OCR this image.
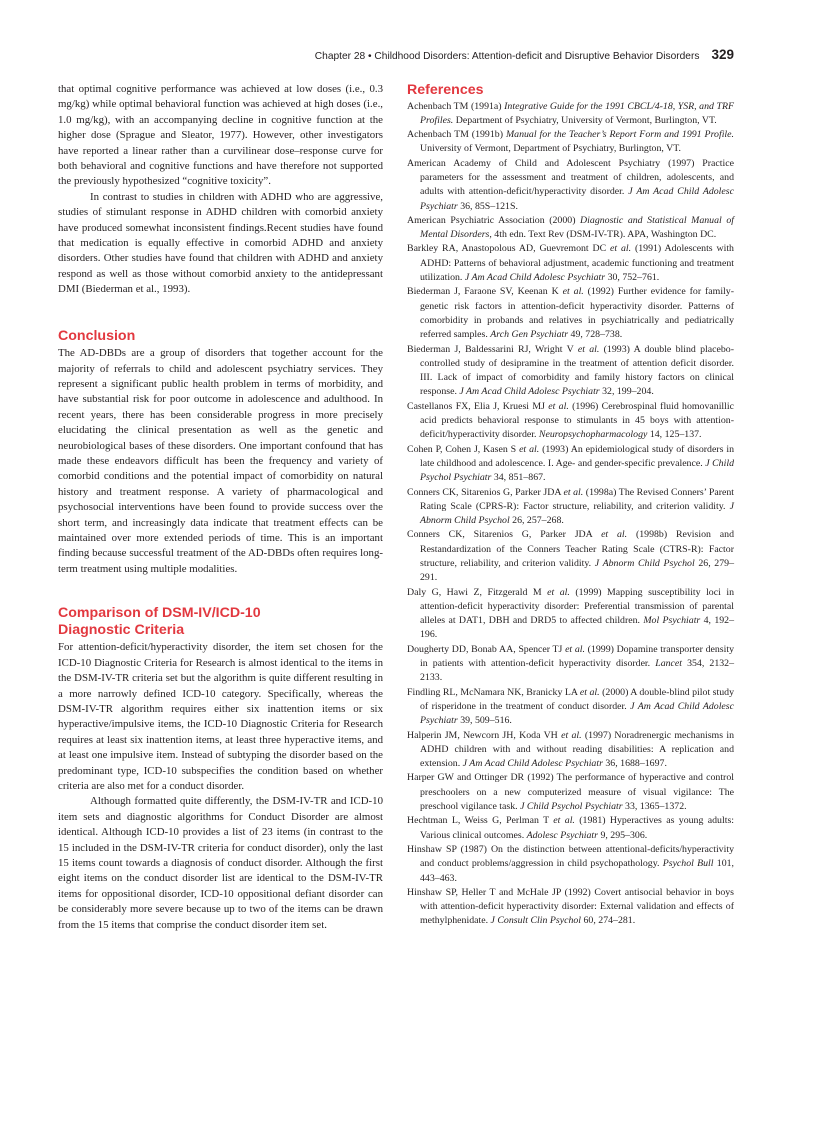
Chapter 28 • Childhood Disorders: Attention-deficit and Disruptive Behavior Disorders 329

that optimal cognitive performance was achieved at low doses (i.e., 0.3 mg/kg) while optimal behavioral function was achieved at high doses (i.e., 1.0 mg/kg), with an accompanying decline in cognitive function at the higher dose (Sprague and Sleator, 1977). However, other investigators have reported a linear rather than a curvilinear dose–response curve for both behavioral and cognitive functions and have therefore not supported the previously hypothesized “cognitive toxicity”.

In contrast to studies in children with ADHD who are aggressive, studies of stimulant response in ADHD children with comorbid anxiety have produced somewhat inconsistent findings.Recent studies have found that medication is equally effective in comorbid ADHD and anxiety disorders. Other studies have found that children with ADHD and anxiety respond as well as those without comorbid anxiety to the antidepressant DMI (Biederman et al., 1993).

Conclusion

The AD-DBDs are a group of disorders that together account for the majority of referrals to child and adolescent psychiatry services. They represent a significant public health problem in terms of morbidity, and have substantial risk for poor outcome in adolescence and adulthood. In recent years, there has been considerable progress in more precisely elucidating the clinical presentation as well as the genetic and neurobiological bases of these disorders. One important confound that has made these endeavors difficult has been the frequency and variety of comorbid conditions and the potential impact of comorbidity on natural history and treatment response. A variety of pharmacological and psychosocial interventions have been found to provide success over the short term, and increasingly data indicate that treatment effects can be maintained over more extended periods of time. This is an important finding because successful treatment of the AD-DBDs often requires long-term treatment using multiple modalities.

Comparison of DSM-IV/ICD-10
Diagnostic Criteria

For attention-deficit/hyperactivity disorder, the item set chosen for the ICD-10 Diagnostic Criteria for Research is almost identical to the items in the DSM-IV-TR criteria set but the algorithm is quite different resulting in a more narrowly defined ICD-10 category. Specifically, whereas the DSM-IV-TR algorithm requires either six inattention items or six hyperactive/impulsive items, the ICD-10 Diagnostic Criteria for Research requires at least six inattention items, at least three hyperactive items, and at least one impulsive item. Instead of subtyping the disorder based on the predominant type, ICD-10 subspecifies the condition based on whether criteria are also met for a conduct disorder.

Although formatted quite differently, the DSM-IV-TR and ICD-10 item sets and diagnostic algorithms for Conduct Disorder are almost identical. Although ICD-10 provides a list of 23 items (in contrast to the 15 included in the DSM-IV-TR criteria for conduct disorder), only the last 15 items count towards a diagnosis of conduct disorder. Although the first eight items on the conduct disorder list are identical to the DSM-IV-TR items for oppositional disorder, ICD-10 oppositional defiant disorder can be considerably more severe because up to two of the items can be drawn from the 15 items that comprise the conduct disorder item set.

References

Achenbach TM (1991a) Integrative Guide for the 1991 CBCL/4-18, YSR, and TRF Profiles. Department of Psychiatry, University of Vermont, Burlington, VT.

Achenbach TM (1991b) Manual for the Teacher’s Report Form and 1991 Profile. University of Vermont, Department of Psychiatry, Burlington, VT.

American Academy of Child and Adolescent Psychiatry (1997) Practice parameters for the assessment and treatment of children, adolescents, and adults with attention-deficit/hyperactivity disorder. J Am Acad Child Adolesc Psychiatr 36, 85S–121S.

American Psychiatric Association (2000) Diagnostic and Statistical Manual of Mental Disorders, 4th edn. Text Rev (DSM-IV-TR). APA, Washington DC.

Barkley RA, Anastopolous AD, Guevremont DC et al. (1991) Adolescents with ADHD: Patterns of behavioral adjustment, academic functioning and treatment utilization. J Am Acad Child Adolesc Psychiatr 30, 752–761.

Biederman J, Faraone SV, Keenan K et al. (1992) Further evidence for family-genetic risk factors in attention-deficit hyperactivity disorder. Patterns of comorbidity in probands and relatives in psychiatrically and pediatrically referred samples. Arch Gen Psychiatr 49, 728–738.

Biederman J, Baldessarini RJ, Wright V et al. (1993) A double blind placebo-controlled study of desipramine in the treatment of attention deficit disorder. III. Lack of impact of comorbidity and family history factors on clinical response. J Am Acad Child Adolesc Psychiatr 32, 199–204.

Castellanos FX, Elia J, Kruesi MJ et al. (1996) Cerebrospinal fluid homovanillic acid predicts behavioral response to stimulants in 45 boys with attention-deficit/hyperactivity disorder. Neuropsychopharmacology 14, 125–137.

Cohen P, Cohen J, Kasen S et al. (1993) An epidemiological study of disorders in late childhood and adolescence. I. Age- and gender-specific prevalence. J Child Psychol Psychiatr 34, 851–867.

Conners CK, Sitarenios G, Parker JDA et al. (1998a) The Revised Conners’ Parent Rating Scale (CPRS-R): Factor structure, reliability, and criterion validity. J Abnorm Child Psychol 26, 257–268.

Conners CK, Sitarenios G, Parker JDA et al. (1998b) Revision and Restandardization of the Conners Teacher Rating Scale (CTRS-R): Factor structure, reliability, and criterion validity. J Abnorm Child Psychol 26, 279–291.

Daly G, Hawi Z, Fitzgerald M et al. (1999) Mapping susceptibility loci in attention-deficit hyperactivity disorder: Preferential transmission of parental alleles at DAT1, DBH and DRD5 to affected children. Mol Psychiatr 4, 192–196.

Dougherty DD, Bonab AA, Spencer TJ et al. (1999) Dopamine transporter density in patients with attention-deficit hyperactivity disorder. Lancet 354, 2132–2133.

Findling RL, McNamara NK, Branicky LA et al. (2000) A double-blind pilot study of risperidone in the treatment of conduct disorder. J Am Acad Child Adolesc Psychiatr 39, 509–516.

Halperin JM, Newcorn JH, Koda VH et al. (1997) Noradrenergic mechanisms in ADHD children with and without reading disabilities: A replication and extension. J Am Acad Child Adolesc Psychiatr 36, 1688–1697.

Harper GW and Ottinger DR (1992) The performance of hyperactive and control preschoolers on a new computerized measure of visual vigilance: The preschool vigilance task. J Child Psychol Psychiatr 33, 1365–1372.

Hechtman L, Weiss G, Perlman T et al. (1981) Hyperactives as young adults: Various clinical outcomes. Adolesc Psychiatr 9, 295–306.

Hinshaw SP (1987) On the distinction between attentional-deficits/hyperactivity and conduct problems/aggression in child psychopathology. Psychol Bull 101, 443–463.

Hinshaw SP, Heller T and McHale JP (1992) Covert antisocial behavior in boys with attention-deficit hyperactivity disorder: External validation and effects of methylphenidate. J Consult Clin Psychol 60, 274–281.
